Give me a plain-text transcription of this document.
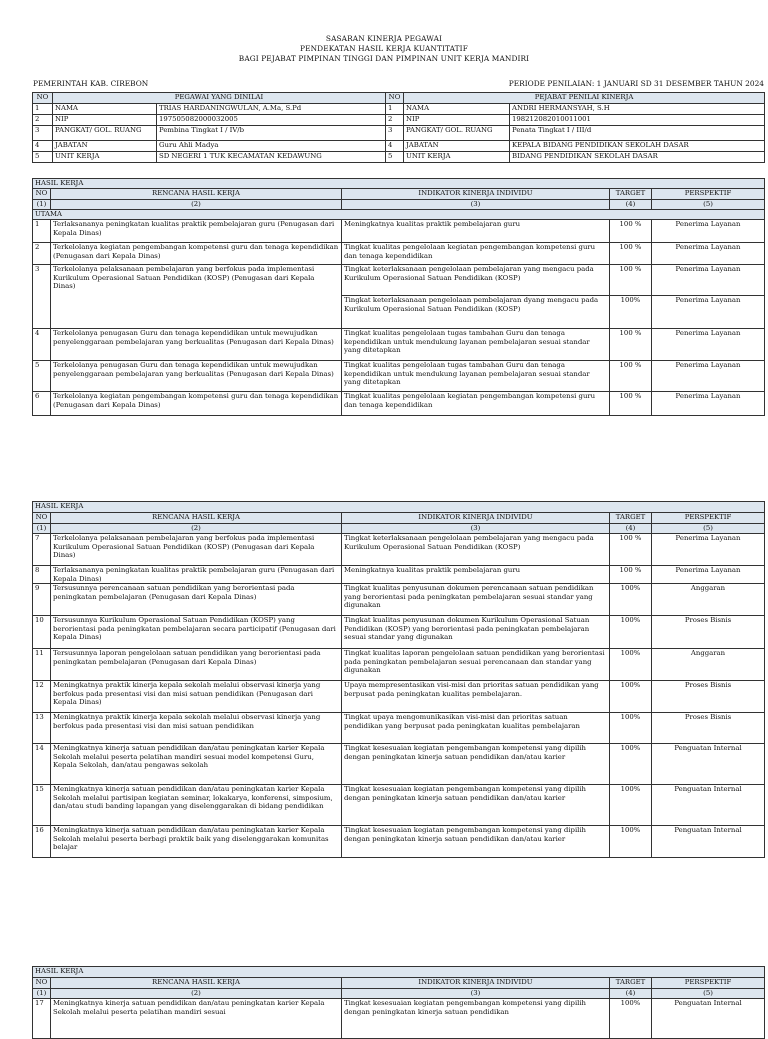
SASARAN KINERJA PEGAWAI
PENDEKATAN HASIL KERJA KUANTITATIF
BAGI PEJABAT PIMPINAN TINGGI DAN PIMPINAN UNIT KERJA MANDIRI
PEMERINTAH KAB. CIREBON	PERIODE PENILAIAN: 1 JANUARI SD 31 DESEMBER TAHUN 2024
NO	PEGAWAI YANG DINILAI		NO	PEJABAT PENILAI KINERJA	
1	NAMA	TRIAS HARDANINGWULAN, A.Ma, S.Pd	1	NAMA	ANDRI HERMANSYAH, S.H
2	NIP	197505082000032005	2	NIP	198212082010011001
3	PANGKAT/ GOL. RUANG	Pembina Tingkat I / IV/b	3	PANGKAT/ GOL. RUANG	Penata Tingkat I / III/d
4	JABATAN	Guru Ahli Madya	4	JABATAN	KEPALA BIDANG PENDIDIKAN SEKOLAH DASAR
5	UNIT KERJA	SD NEGERI 1 TUK KECAMATAN KEDAWUNG	5	UNIT KERJA	BIDANG PENDIDIKAN SEKOLAH DASAR
HASIL KERJA				
NO	RENCANA HASIL KERJA	INDIKATOR KINERJA INDIVIDU	TARGET	PERSPEKTIF
(1)	(2)	(3)	(4)	(5)
UTAMA				
1	Terlaksananya peningkatan kualitas praktik pembelajaran guru (Penugasan dari Kepala Dinas)	Meningkatnya kualitas praktik pembelajaran guru	100 %	Penerima Layanan
2	Terkelolanya kegiatan pengembangan kompetensi guru dan tenaga kependidikan (Penugasan dari Kepala Dinas)	Tingkat kualitas pengelolaan kegiatan pengembangan kompetensi guru dan tenaga kependidikan	100 %	Penerima Layanan
3	Terkelolanya pelaksanaan pembelajaran yang berfokus pada implementasi Kurikulum Operasional Satuan Pendidikan (KOSP) (Penugasan dari Kepala Dinas)	Tingkat keterlaksanaan pengelolaan pembelajaran yang mengacu pada Kurikulum Operasional Satuan Pendidikan (KOSP)	100 %	Penerima Layanan
		Tingkat keterlaksanaan pengelolaan pembelajaran dyang mengacu pada Kurikulum Operasional Satuan Pendidikan (KOSP)	100%	Penerima Layanan
4	Terkelolanya penugasan Guru dan tenaga kependidikan untuk mewujudkan penyelenggaraan pembelajaran yang berkualitas (Penugasan dari Kepala Dinas)	Tingkat kualitas pengelolaan tugas tambahan Guru dan tenaga kependidikan untuk mendukung layanan pembelajaran sesuai standar yang ditetapkan	100 %	Penerima Layanan
5	Terkelolanya penugasan Guru dan tenaga kependidikan untuk mewujudkan penyelenggaraan pembelajaran yang berkualitas (Penugasan dari Kepala Dinas)	Tingkat kualitas pengelolaan tugas tambahan Guru dan tenaga kependidikan untuk mendukung layanan pembelajaran sesuai standar yang ditetapkan	100 %	Penerima Layanan
6	Terkelolanya kegiatan pengembangan kompetensi guru dan tenaga kependidikan (Penugasan dari Kepala Dinas)	Tingkat kualitas pengelolaan kegiatan pengembangan kompetensi guru dan tenaga kependidikan	100 %	Penerima Layanan
HASIL KERJA				
NO	RENCANA HASIL KERJA	INDIKATOR KINERJA INDIVIDU	TARGET	PERSPEKTIF
(1)	(2)	(3)	(4)	(5)
7	Terkelolanya pelaksanaan pembelajaran yang berfokus pada implementasi Kurikulum Operasional Satuan Pendidikan (KOSP) (Penugasan dari Kepala Dinas)	Tingkat keterlaksanaan pengelolaan pembelajaran yang mengacu pada Kurikulum Operasional Satuan Pendidikan (KOSP)	100 %	Penerima Layanan
8	Terlaksananya peningkatan kualitas praktik pembelajaran guru (Penugasan dari Kepala Dinas)	Meningkatnya kualitas praktik pembelajaran guru	100 %	Penerima Layanan
9	Tersusunnya perencanaan satuan pendidikan yang berorientasi pada peningkatan pembelajaran (Penugasan dari Kepala Dinas)	Tingkat kualitas penyusunan dokumen perencanaan satuan pendidikan yang berorientasi pada peningkatan pembelajaran sesuai standar yang digunakan	100%	Anggaran
10	Tersusunnya Kurikulum Operasional Satuan Pendidikan (KOSP) yang berorientasi pada peningkatan pembelajaran secara participatif (Penugasan dari Kepala Dinas)	Tingkat kualitas penyusunan dokumen Kurikulum Operasional Satuan Pendidikan (KOSP) yang berorientasi pada peningkatan pembelajaran sesuai standar yang digunakan	100%	Proses Bisnis
11	Tersusunnya laporan pengelolaan satuan pendidikan yang berorientasi pada peningkatan pembelajaran (Penugasan dari Kepala Dinas)	Tingkat kualitas laporan pengelolaan satuan pendidikan yang berorientasi pada peningkatan pembelajaran sesuai perencanaan dan standar yang digunakan	100%	Anggaran
12	Meningkatnya praktik kinerja kepala sekolah melalui observasi kinerja yang berfokus pada presentasi visi dan misi satuan pendidikan (Penugasan dari Kepala Dinas)	Upaya mempresentasikan visi-misi dan prioritas satuan pendidikan yang berpusat pada peningkatan kualitas pembelajaran.	100%	Proses Bisnis
13	Meningkatnya praktik kinerja kepala sekolah melalui observasi kinerja yang berfokus pada presentasi visi dan misi satuan pendidikan	Tingkat upaya mengomunikasikan visi-misi dan prioritas satuan pendidikan yang berpusat pada peningkatan kualitas pembelajaran	100%	Proses Bisnis
14	Meningkatnya kinerja satuan pendidikan dan/atau peningkatan karier Kepala Sekolah melalui peserta pelatihan mandiri sesuai model kompetensi Guru, Kepala Sekolah, dan/atau pengawas sekolah	Tingkat kesesuaian kegiatan pengembangan kompetensi yang dipilih dengan peningkatan kinerja satuan pendidikan dan/atau karier	100%	Penguatan Internal
15	Meningkatnya kinerja satuan pendidikan dan/atau peningkatan karier Kepala Sekolah melalui partisipan kegiatan seminar, lokakarya, konferensi, simposium, dan/atau studi banding lapangan yang diselenggarakan di bidang pendidikan	Tingkat kesesuaian kegiatan pengembangan kompetensi yang dipilih dengan peningkatan kinerja satuan pendidikan dan/atau karier	100%	Penguatan Internal
16	Meningkatnya kinerja satuan pendidikan dan/atau peningkatan karier Kepala Sekolah melalui peserta berbagi praktik baik yang diselenggarakan komunitas belajar	Tingkat kesesuaian kegiatan pengembangan kompetensi yang dipilih dengan peningkatan kinerja satuan pendidikan dan/atau karier	100%	Penguatan Internal
HASIL KERJA				
NO	RENCANA HASIL KERJA	INDIKATOR KINERJA INDIVIDU	TARGET	PERSPEKTIF
(1)	(2)	(3)	(4)	(5)
17	Meningkatnya kinerja satuan pendidikan dan/atau peningkatan karier Kepala Sekolah melalui peserta pelatihan mandiri sesuai	Tingkat kesesuaian kegiatan pengembangan kompetensi yang dipilih dengan peningkatan kinerja satuan pendidikan	100%	Penguatan Internal
